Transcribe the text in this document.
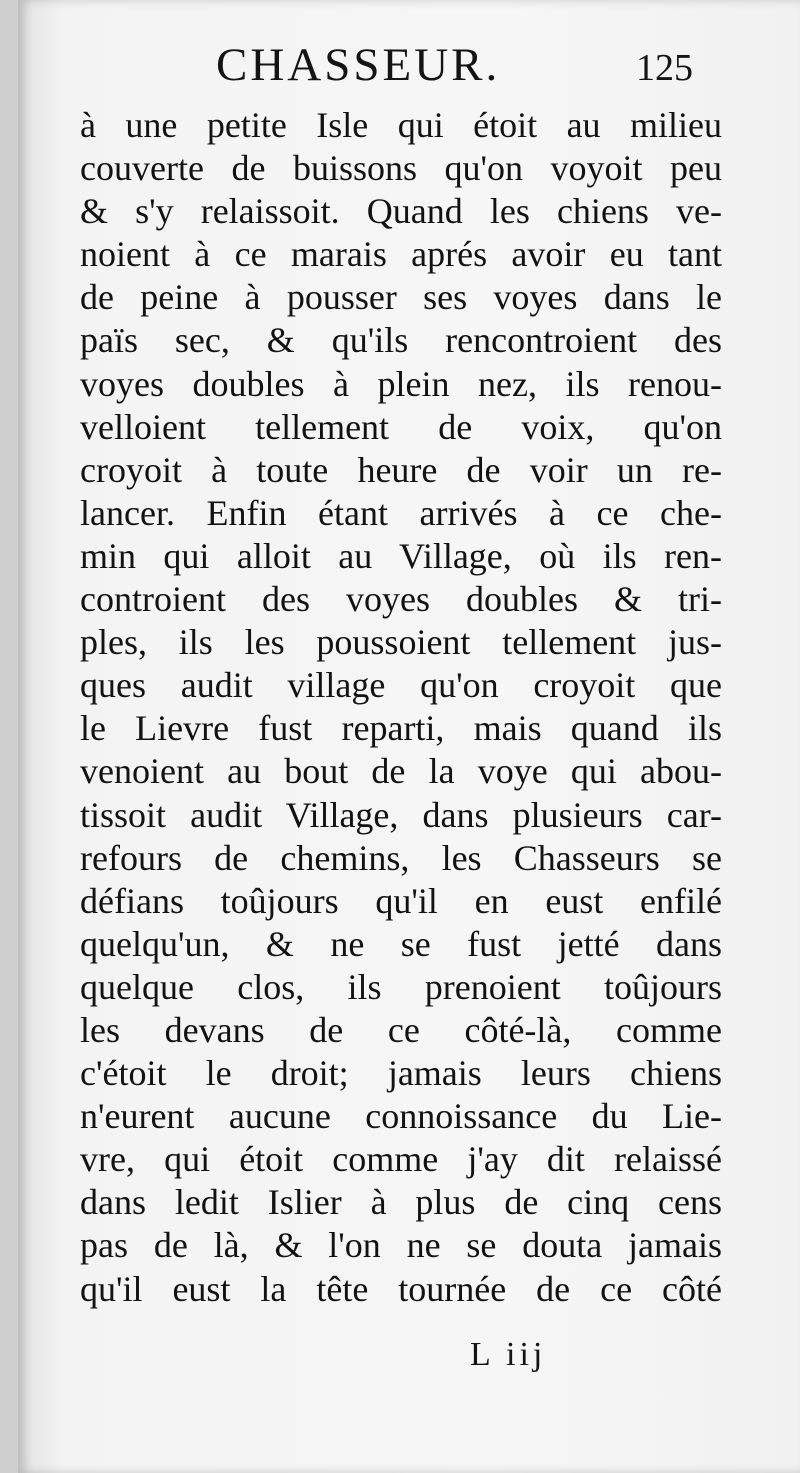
CHASSEUR.	125
à une petite Isle qui étoit au milieu
couverte de buissons qu'on voyoit peu
& s'y relaissoit. Quand les chiens ve-
noient à ce marais aprés avoir eu tant
de peine à pousser ses voyes dans le
païs sec, & qu'ils rencontroient des
voyes doubles à plein nez, ils renou-
velloient tellement de voix, qu'on
croyoit à toute heure de voir un re-
lancer. Enfin étant arrivés à ce che-
min qui alloit au Village, où ils ren-
controient des voyes doubles & tri-
ples, ils les poussoient tellement jus-
ques audit village qu'on croyoit que
le Lievre fust reparti, mais quand ils
venoient au bout de la voye qui abou-
tissoit audit Village, dans plusieurs car-
refours de chemins, les Chasseurs se
défians toûjours qu'il en eust enfilé
quelqu'un, & ne se fust jetté dans
quelque clos, ils prenoient toûjours
les devans de ce côté-là, comme
c'étoit le droit; jamais leurs chiens
n'eurent aucune connoissance du Lie-
vre, qui étoit comme j'ay dit relaissé
dans ledit Islier à plus de cinq cens
pas de là, & l'on ne se douta jamais
qu'il eust la tête tournée de ce côté
L iij
